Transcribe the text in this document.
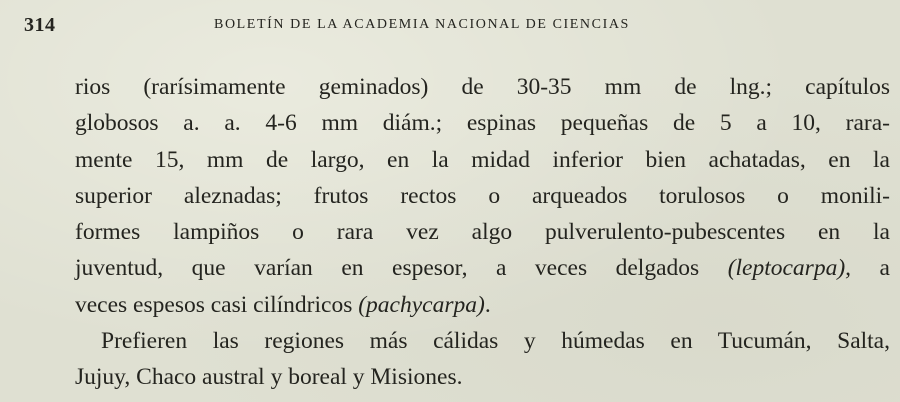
314	BOLETÍN DE LA ACADEMIA NACIONAL DE CIENCIAS
rios (rarísimamente geminados) de 30-35 mm de lng.; capítulos
globosos a. a. 4-6 mm diám.; espinas pequeñas de 5 a 10, rara-
mente 15, mm de largo, en la midad inferior bien achatadas, en la
superior aleznadas; frutos rectos o arqueados torulosos o monili-
formes lampiños o rara vez algo pulverulento-pubescentes en la
juventud, que varían en espesor, a veces delgados (leptocarpa), a
veces espesos casi cilíndricos (pachycarpa).
Prefieren las regiones más cálidas y húmedas en Tucumán, Salta,
Jujuy, Chaco austral y boreal y Misiones.
